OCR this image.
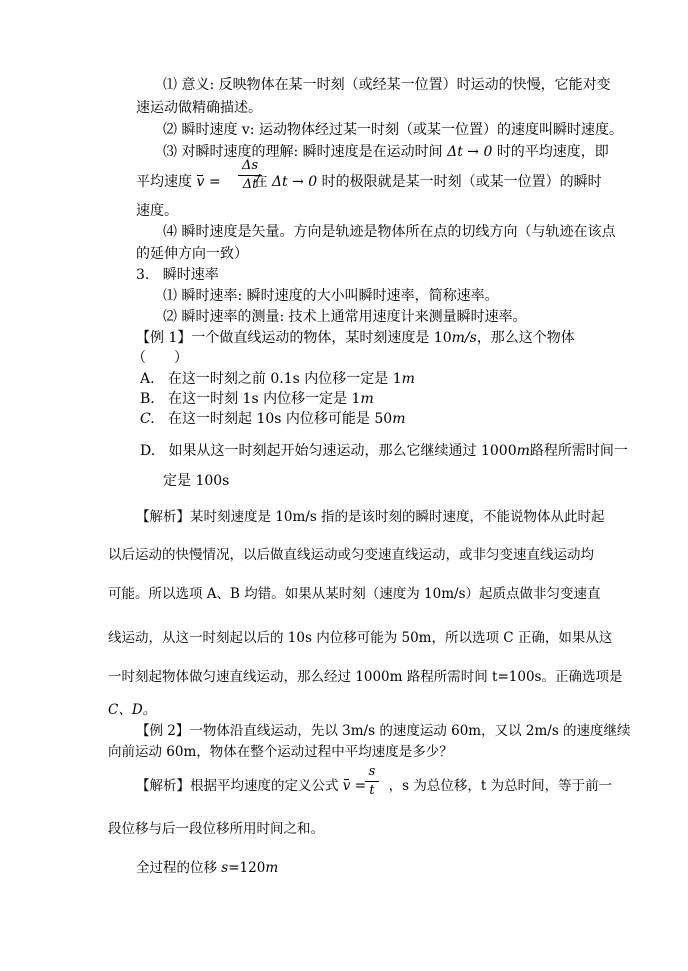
⑴ 意义: 反映物体在某一时刻（或经某一位置）时运动的快慢，它能对变
速运动做精确描述。
⑵ 瞬时速度 v: 运动物体经过某一时刻（或某一位置）的速度叫瞬时速度。
⑶ 对瞬时速度的理解: 瞬时速度是在运动时间 Δt → 0 时的平均速度，即
平均速度 v = 在 Δt → 0 时的极限就是某一时刻（或某一位置）的瞬时
Δs
Δt
速度。
⑷ 瞬时速度是矢量。方向是轨迹是物体所在点的切线方向（与轨迹在该点
的延伸方向一致）
3. 瞬时速率
⑴ 瞬时速率: 瞬时速度的大小叫瞬时速率，简称速率。
⑵ 瞬时速率的测量: 技术上通常用速度计来测量瞬时速率。
【例 1】一个做直线运动的物体，某时刻速度是 10m/s，那么这个物体
（　　）
A. 在这一时刻之前 0.1s 内位移一定是 1m
B. 在这一时刻 1s 内位移一定是 1m
C. 在这一时刻起 10s 内位移可能是 50m
D. 如果从这一时刻起开始匀速运动，那么它继续通过 1000m路程所需时间一
定是 100s
【解析】某时刻速度是 10m/s 指的是该时刻的瞬时速度，不能说物体从此时起
以后运动的快慢情况，以后做直线运动或匀变速直线运动，或非匀变速直线运动均
可能。所以选项 A、B 均错。如果从某时刻（速度为 10m/s）起质点做非匀变速直
线运动，从这一时刻起以后的 10s 内位移可能为 50m，所以选项 C 正确，如果从这
一时刻起物体做匀速直线运动，那么经过 1000m 路程所需时间 t=100s。正确选项是
C、D。
【例 2】一物体沿直线运动，先以 3m/s 的速度运动 60m，又以 2m/s 的速度继续
向前运动 60m，物体在整个运动过程中平均速度是多少？
【解析】根据平均速度的定义公式 v = ，s 为总位移，t 为总时间，等于前一
s
t
段位移与后一段位移所用时间之和。
全过程的位移 s=120m
